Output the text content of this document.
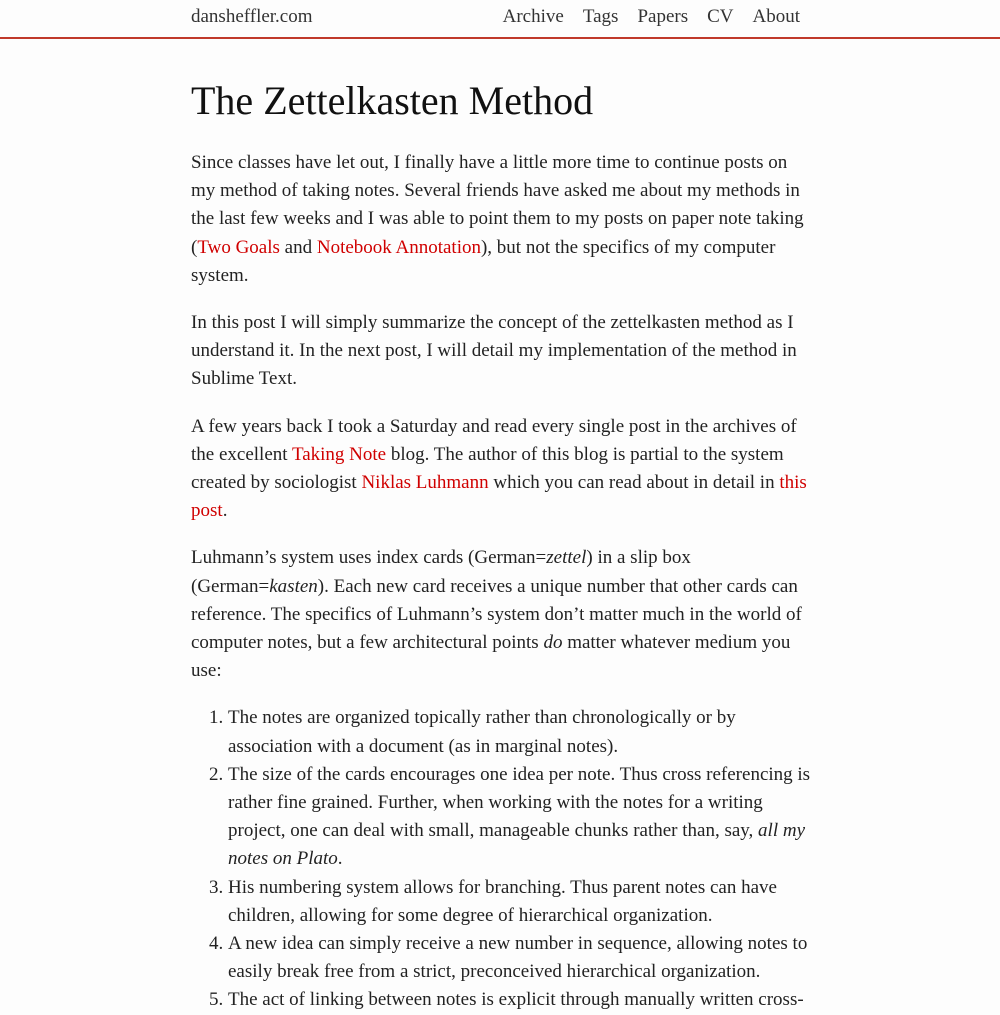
dansheffler.com	Archive Tags Papers CV About
The Zettelkasten Method

Since classes have let out, I finally have a little more time to continue posts on my method of taking notes. Several friends have asked me about my methods in the last few weeks and I was able to point them to my posts on paper note taking (Two Goals and Notebook Annotation), but not the specifics of my computer system.

In this post I will simply summarize the concept of the zettelkasten method as I understand it. In the next post, I will detail my implementation of the method in Sublime Text.

A few years back I took a Saturday and read every single post in the archives of the excellent Taking Note blog. The author of this blog is partial to the system created by sociologist Niklas Luhmann which you can read about in detail in this post.

Luhmann’s system uses index cards (German=zettel) in a slip box (German=kasten). Each new card receives a unique number that other cards can reference. The specifics of Luhmann’s system don’t matter much in the world of computer notes, but a few architectural points do matter whatever medium you use:

1. The notes are organized topically rather than chronologically or by association with a document (as in marginal notes).
2. The size of the cards encourages one idea per note. Thus cross referencing is rather fine grained. Further, when working with the notes for a writing project, one can deal with small, manageable chunks rather than, say, all my notes on Plato.
3. His numbering system allows for branching. Thus parent notes can have children, allowing for some degree of hierarchical organization.
4. A new idea can simply receive a new number in sequence, allowing notes to easily break free from a strict, preconceived hierarchical organization.
5. The act of linking between notes is explicit through manually written cross-
